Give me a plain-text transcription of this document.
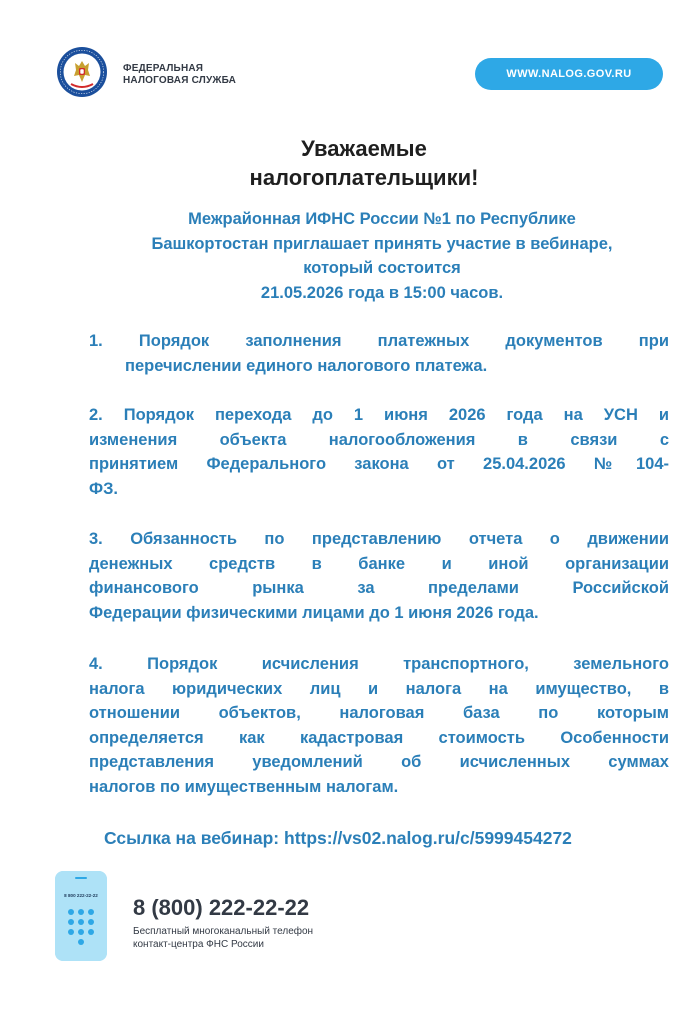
ФЕДЕРАЛЬНАЯ
НАЛОГОВАЯ СЛУЖБА
WWW.NALOG.GOV.RU
Уважаемые
налогоплательщики!
Межрайонная ИФНС России №1 по Республике
Башкортостан приглашает принять участие в вебинаре,
который состоится
21.05.2026 года в 15:00 часов.
1. Порядок заполнения платежных документов при
перечислении единого налогового платежа.
2. Порядок перехода до 1 июня 2026 года на УСН и
изменения объекта налогообложения в связи с
принятием Федерального закона от 25.04.2026 №104-
ФЗ.
3. Обязанность по представлению отчета о движении
денежных средств в банке и иной организации
финансового рынка за пределами Российской
Федерации физическими лицами до 1 июня 2026 года.
4. Порядок исчисления транспортного, земельного
налога юридических лиц и налога на имущество, в
отношении объектов, налоговая база по которым
определяется как кадастровая стоимость Особенности
представления уведомлений об исчисленных суммах
налогов по имущественным налогам.
Ссылка на вебинар: https://vs02.nalog.ru/c/5999454272
8 800 222-22-22 8 (800) 222-22-22
Бесплатный многоканальный телефон
контакт-центра ФНС России
